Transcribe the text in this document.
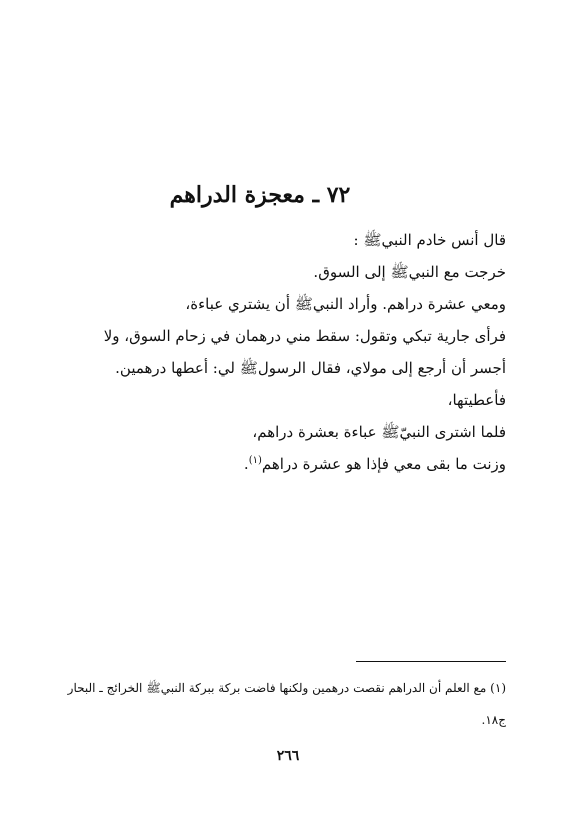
٧٢ ـ معجزة الدراهم

قال أنس خادم النبيﷺ :

خرجت مع النبيﷺ إلى السوق.

ومعي عشرة دراهم. وأراد النبيﷺ أن يشتري عباءة،

فرأى جارية تبكي وتقول: سقط مني درهمان في زحام السوق، ولا

أجسر أن أرجع إلى مولاي، فقال الرسولﷺ لي: أعطها درهمين.

فأعطيتها،

فلما اشترى النبيّﷺ عباءة بعشرة دراهم،

وزنت ما بقى معي فإذا هو عشرة دراهم$^{(١)}$.

(١) مع العلم أن الدراهم نقصت درهمين ولكنها فاضت بركة ببركة النبيﷺ الخرائج ـ البحار

ج١٨.

٢٦٦
